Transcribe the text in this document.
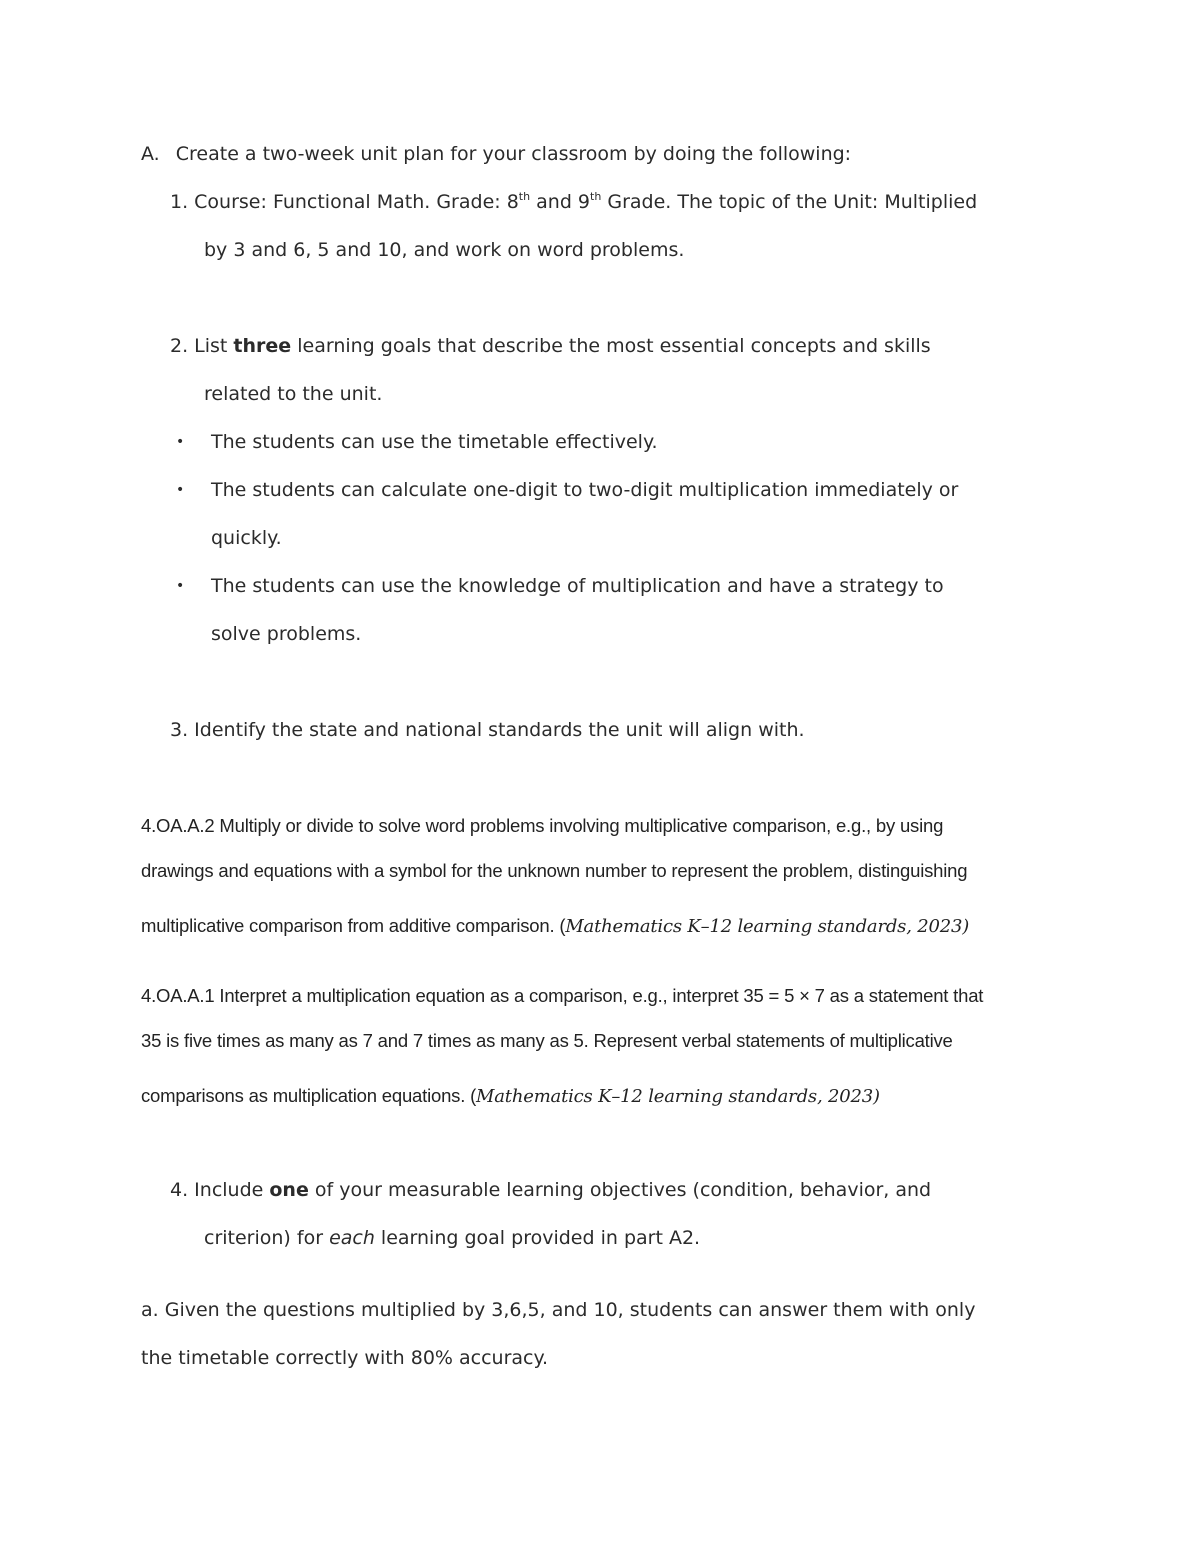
A. Create a two-week unit plan for your classroom by doing the following:
1. Course: Functional Math. Grade: 8th and 9th Grade. The topic of the Unit: Multiplied
by 3 and 6, 5 and 10, and work on word problems.
2. List three learning goals that describe the most essential concepts and skills
related to the unit.
• The students can use the timetable effectively.
• The students can calculate one-digit to two-digit multiplication immediately or
quickly.
• The students can use the knowledge of multiplication and have a strategy to
solve problems.
3. Identify the state and national standards the unit will align with.
4.OA.A.2 Multiply or divide to solve word problems involving multiplicative comparison, e.g., by using
drawings and equations with a symbol for the unknown number to represent the problem, distinguishing
multiplicative comparison from additive comparison. (Mathematics K–12 learning standards, 2023)
4.OA.A.1 Interpret a multiplication equation as a comparison, e.g., interpret 35 = 5 × 7 as a statement that
35 is five times as many as 7 and 7 times as many as 5. Represent verbal statements of multiplicative
comparisons as multiplication equations. (Mathematics K–12 learning standards, 2023)
4. Include one of your measurable learning objectives (condition, behavior, and
criterion) for each learning goal provided in part A2.
a. Given the questions multiplied by 3,6,5, and 10, students can answer them with only
the timetable correctly with 80% accuracy.
